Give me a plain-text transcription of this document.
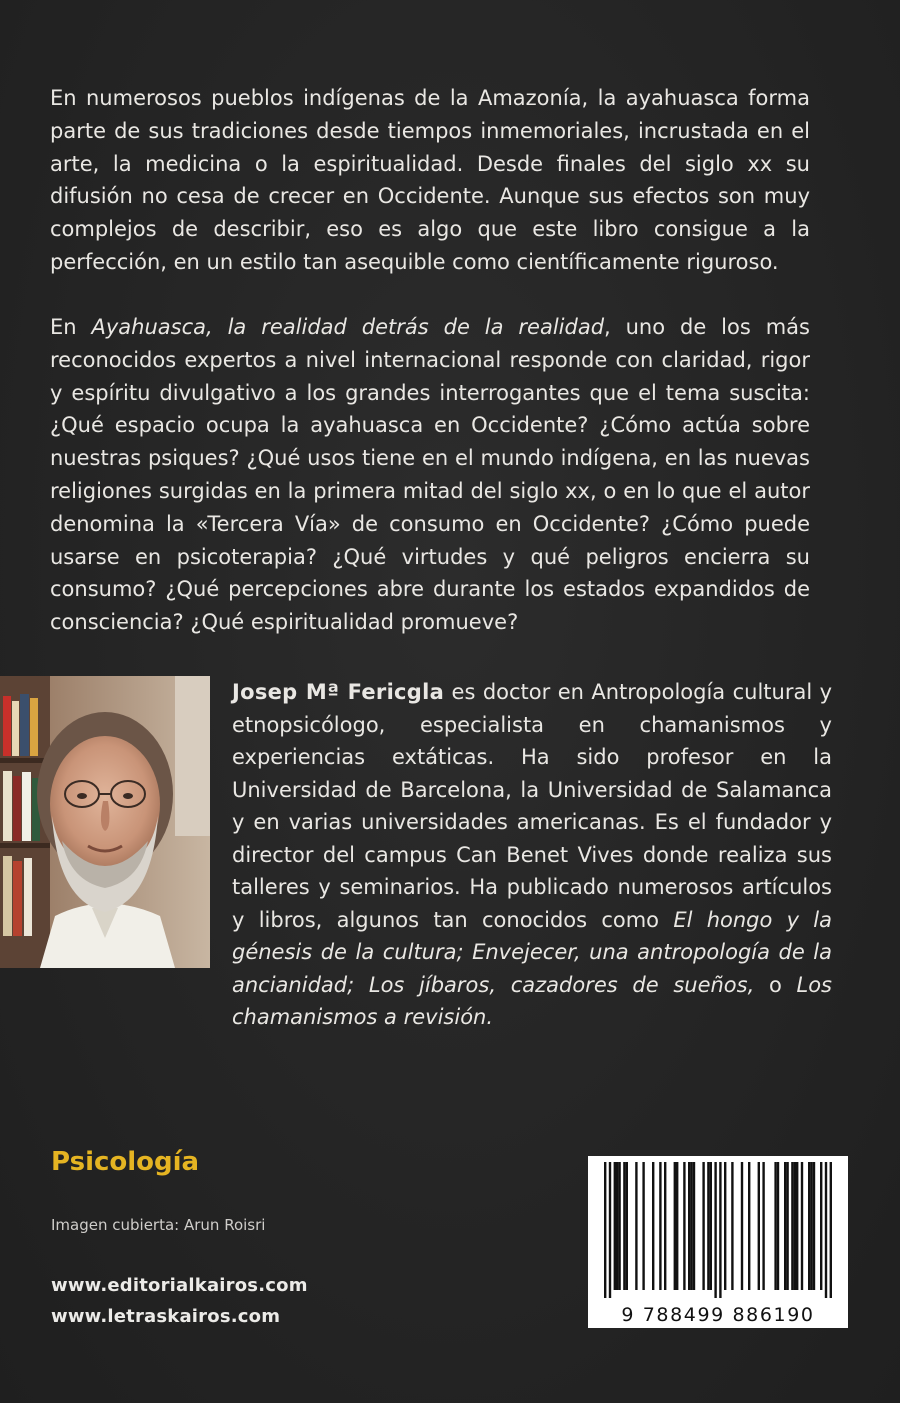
En numerosos pueblos indígenas de la Amazonía, la ayahuasca forma parte de sus tradiciones desde tiempos inmemoriales, incrustada en el arte, la medicina o la espiritualidad. Desde finales del siglo xx su difusión no cesa de crecer en Occidente. Aunque sus efectos son muy complejos de describir, eso es algo que este libro consigue a la perfección, en un estilo tan asequible como científicamente riguroso.

En Ayahuasca, la realidad detrás de la realidad, uno de los más reconocidos expertos a nivel internacional responde con claridad, rigor y espíritu divulgativo a los grandes interrogantes que el tema suscita: ¿Qué espacio ocupa la ayahuasca en Occidente? ¿Cómo actúa sobre nuestras psiques? ¿Qué usos tiene en el mundo indígena, en las nuevas religiones surgidas en la primera mitad del siglo xx, o en lo que el autor denomina la «Tercera Vía» de consumo en Occidente? ¿Cómo puede usarse en psicoterapia? ¿Qué virtudes y qué peligros encierra su consumo? ¿Qué percepciones abre durante los estados expandidos de consciencia? ¿Qué espiritualidad promueve?

Josep Mª Fericgla es doctor en Antropología cultural y etnopsicólogo, especialista en chamanismos y experiencias extáticas. Ha sido profesor en la Universidad de Barcelona, la Universidad de Salamanca y en varias universidades americanas. Es el fundador y director del campus Can Benet Vives donde realiza sus talleres y seminarios. Ha publicado numerosos artículos y libros, algunos tan conocidos como El hongo y la génesis de la cultura; Envejecer, una antropología de la ancianidad; Los jíbaros, cazadores de sueños, o Los chamanismos a revisión.

Psicología
Imagen cubierta: Arun Roisri
www.editorialkairos.com
www.letraskairos.com	9 788499 886190
